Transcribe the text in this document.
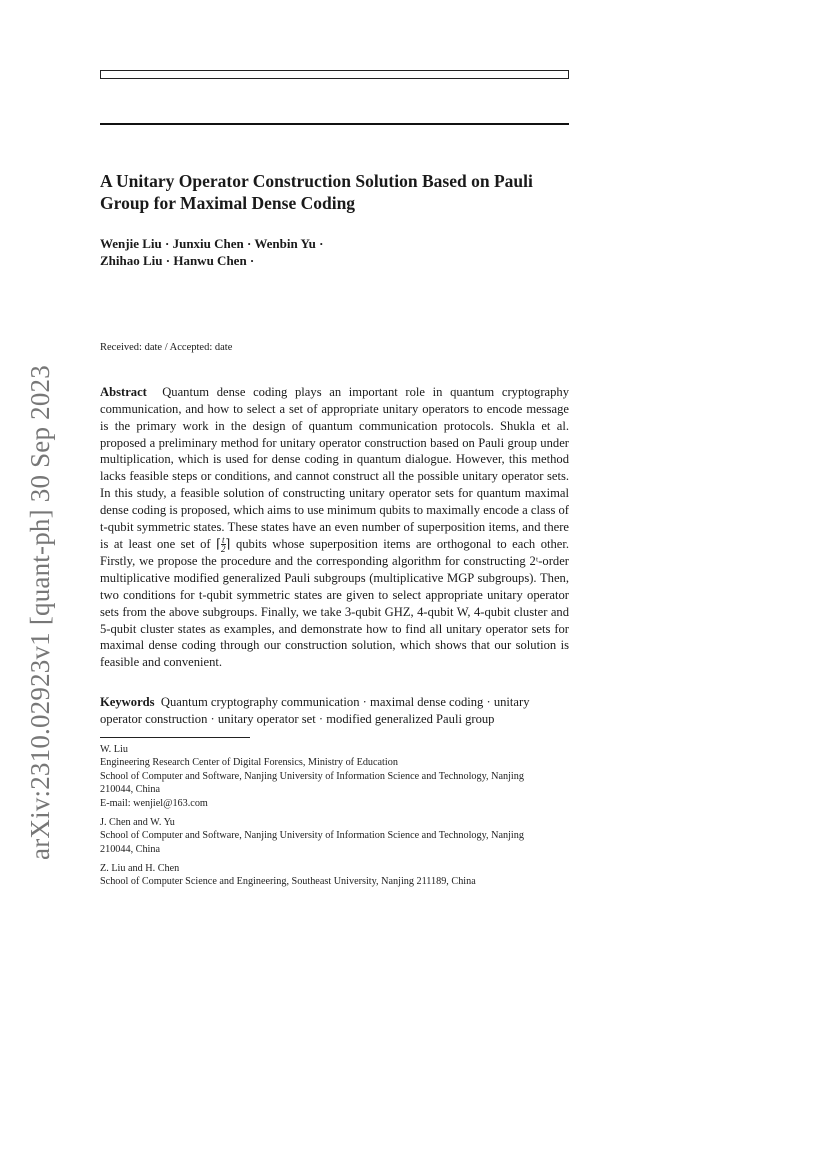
arXiv:2310.02923v1 [quant-ph] 30 Sep 2023
A Unitary Operator Construction Solution Based on Pauli Group for Maximal Dense Coding
Wenjie Liu · Junxiu Chen · Wenbin Yu ·
Zhihao Liu · Hanwu Chen ·
Received: date / Accepted: date
Abstract Quantum dense coding plays an important role in quantum cryptography communication, and how to select a set of appropriate unitary operators to encode message is the primary work in the design of quantum communication protocols. Shukla et al. proposed a preliminary method for unitary operator construction based on Pauli group under multiplication, which is used for dense coding in quantum dialogue. However, this method lacks feasible steps or conditions, and cannot construct all the possible unitary operator sets. In this study, a feasible solution of constructing unitary operator sets for quantum maximal dense coding is proposed, which aims to use minimum qubits to maximally encode a class of t-qubit symmetric states. These states have an even number of superposition items, and there is at least one set of ⌈ $\frac{t}{2}$ ⌉ qubits whose superposition items are orthogonal to each other. Firstly, we propose the procedure and the corresponding algorithm for constructing 2ᵗ-order multiplicative modified generalized Pauli subgroups (multiplicative MGP subgroups). Then, two conditions for t-qubit symmetric states are given to select appropriate unitary operator sets from the above subgroups. Finally, we take 3-qubit GHZ, 4-qubit W, 4-qubit cluster and 5-qubit cluster states as examples, and demonstrate how to find all unitary operator sets for maximal dense coding through our construction solution, which shows that our solution is feasible and convenient.
Keywords Quantum cryptography communication · maximal dense coding · unitary operator construction · unitary operator set · modified generalized Pauli group
W. Liu
Engineering Research Center of Digital Forensics, Ministry of Education
School of Computer and Software, Nanjing University of Information Science and Technology, Nanjing
210044, China
E-mail: wenjiel@163.com
J. Chen and W. Yu
School of Computer and Software, Nanjing University of Information Science and Technology, Nanjing
210044, China
Z. Liu and H. Chen
School of Computer Science and Engineering, Southeast University, Nanjing 211189, China
